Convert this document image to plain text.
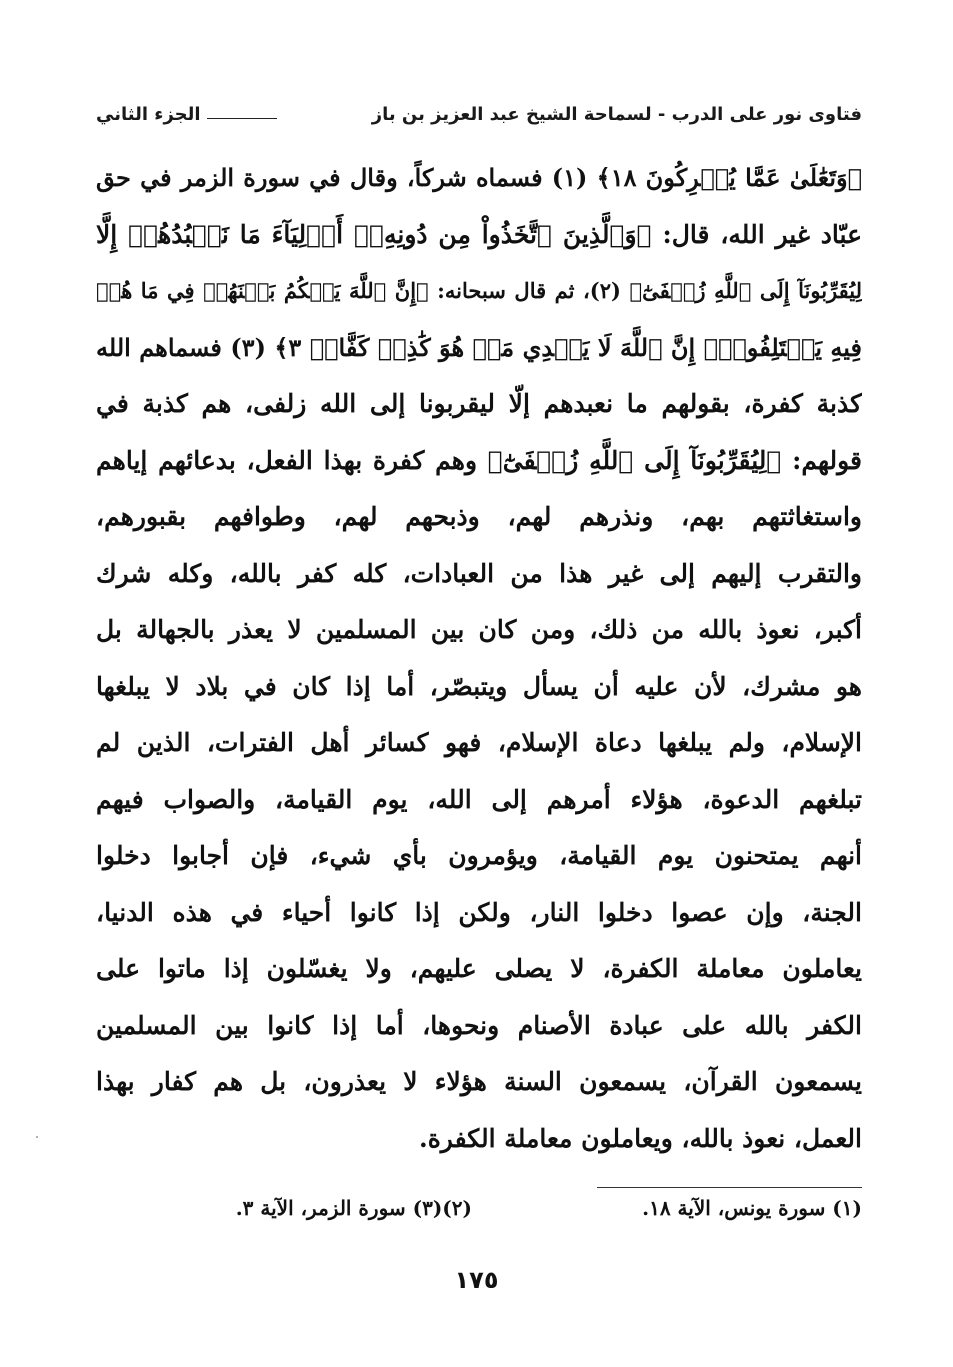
فتاوى نور على الدرب - لسماحة الشيخ عبد العزيز بن باز
الجزء الثاني
﴿وَتَعَٰلَىٰ عَمَّا يُشۡرِكُونَ ١٨﴾ (١) فسماه شركاً، وقال في سورة الزمر في حق
عبّاد غير الله، قال: ﴿وَٱلَّذِينَ ٱتَّخَذُواْ مِن دُونِهِۦٓ أَوۡلِيَآءَ مَا نَعۡبُدُهُمۡ إِلَّا
لِيُقَرِّبُونَآ إِلَى ٱللَّهِ زُلۡفَىٰٓ﴾ (٢)، ثم قال سبحانه: ﴿إِنَّ ٱللَّهَ يَحۡكُمُ بَيۡنَهُمۡ فِي مَا هُمۡ
فِيهِ يَخۡتَلِفُونَۗ إِنَّ ٱللَّهَ لَا يَهۡدِي مَنۡ هُوَ كَٰذِبٞ كَفَّارٞ ٣﴾ (٣) فسماهم الله
كذبة كفرة، بقولهم ما نعبدهم إلّا ليقربونا إلى الله زلفى، هم كذبة في
قولهم: ﴿لِيُقَرِّبُونَآ إِلَى ٱللَّهِ زُلۡفَىٰٓ﴾ وهم كفرة بهذا الفعل، بدعائهم إياهم
واستغاثتهم بهم، ونذرهم لهم، وذبحهم لهم، وطوافهم بقبورهم،
والتقرب إليهم إلى غير هذا من العبادات، كله كفر بالله، وكله شرك
أكبر، نعوذ بالله من ذلك، ومن كان بين المسلمين لا يعذر بالجهالة بل
هو مشرك، لأن عليه أن يسأل ويتبصّر، أما إذا كان في بلاد لا يبلغها
الإسلام، ولم يبلغها دعاة الإسلام، فهو كسائر أهل الفترات، الذين لم
تبلغهم الدعوة، هؤلاء أمرهم إلى الله، يوم القيامة، والصواب فيهم
أنهم يمتحنون يوم القيامة، ويؤمرون بأي شيء، فإن أجابوا دخلوا
الجنة، وإن عصوا دخلوا النار، ولكن إذا كانوا أحياء في هذه الدنيا،
يعاملون معاملة الكفرة، لا يصلى عليهم، ولا يغسّلون إذا ماتوا على
الكفر بالله على عبادة الأصنام ونحوها، أما إذا كانوا بين المسلمين
يسمعون القرآن، يسمعون السنة هؤلاء لا يعذرون، بل هم كفار بهذا
العمل، نعوذ بالله، ويعاملون معاملة الكفرة.
(١) سورة يونس، الآية ١٨.
(٢)(٣) سورة الزمر، الآية ٣.
١٧٥
